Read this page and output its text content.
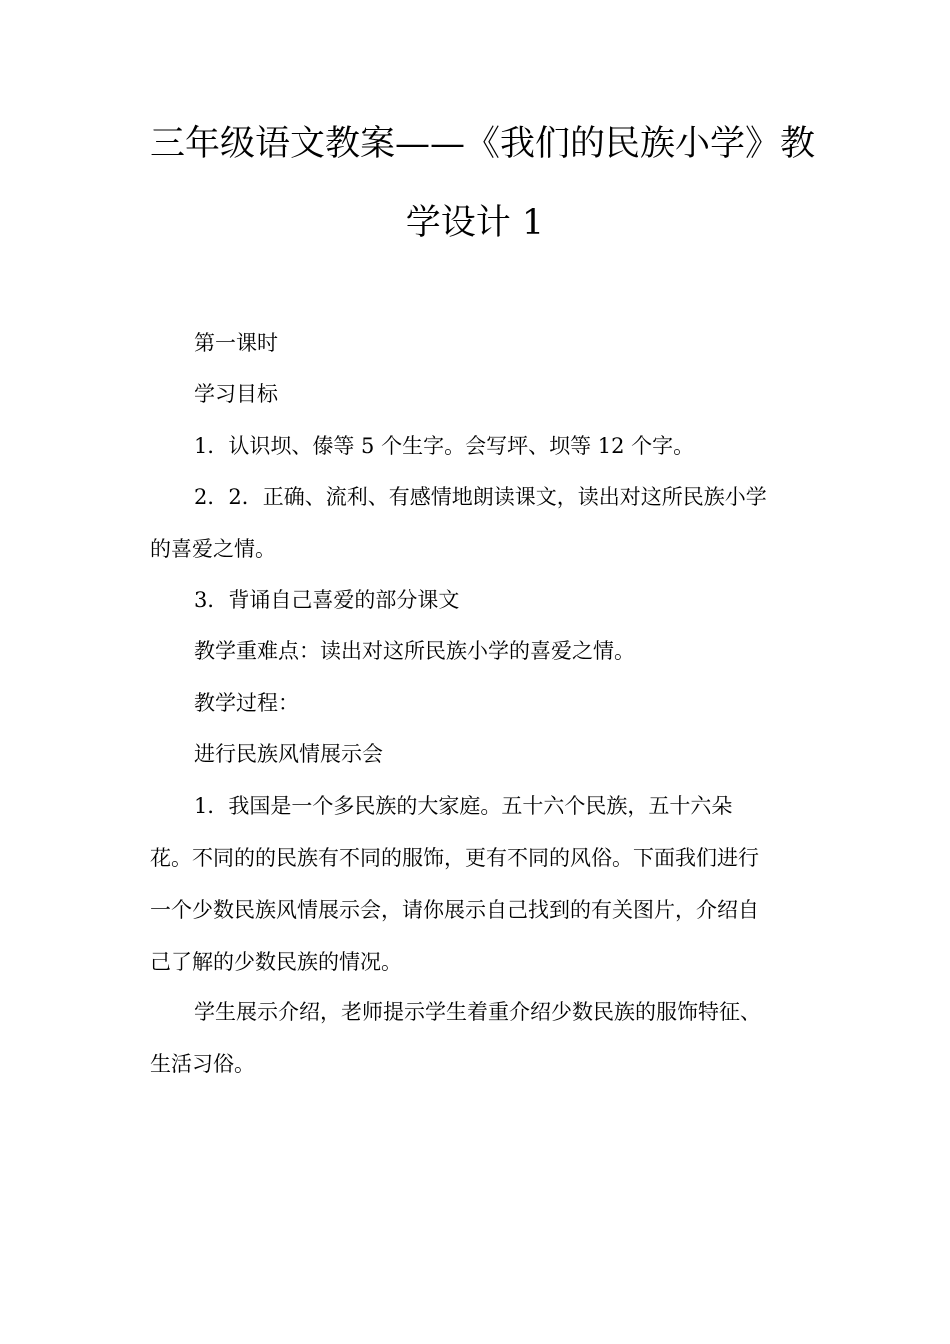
三年级语文教案——《我们的民族小学》教
学设计 1
第一课时
学习目标
1．认识坝、傣等 5 个生字。会写坪、坝等 12 个字。
2．2．正确、流利、有感情地朗读课文，读出对这所民族小学
的喜爱之情。
3．背诵自己喜爱的部分课文
教学重难点：读出对这所民族小学的喜爱之情。
教学过程：
进行民族风情展示会
1．我国是一个多民族的大家庭。五十六个民族，五十六朵
花。不同的的民族有不同的服饰，更有不同的风俗。下面我们进行
一个少数民族风情展示会，请你展示自己找到的有关图片，介绍自
己了解的少数民族的情况。
学生展示介绍，老师提示学生着重介绍少数民族的服饰特征、
生活习俗。
